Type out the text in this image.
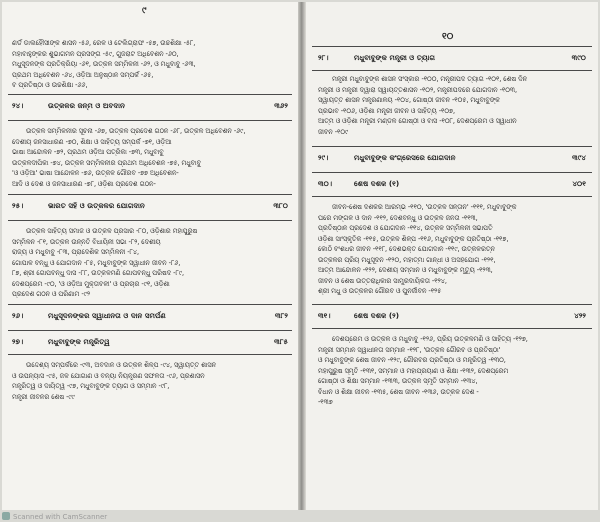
୯
ଣର୍ଡ ଡାଲହୌସୀଙ୍କ ଶାସନ -୫୬, ରେଳ ଓ ଟେଲିଗ୍ରାଫ -୫୭, ଉଚ୍ଚଶିକ୍ଷା -୫୮,
ମହାବାହୁଙ୍କର ଶୁଭାଗମନ ପ୍ରସଙ୍ଗ -୫୯, ଗୁଜରାଟ ଅଧିବେଶନ -୬୦,
ମଧୁସୂଦନଙ୍କ ପ୍ରତିକ୍ରିୟା -୬୧, ଉତ୍କଳ ସମ୍ମିଳନୀ -୬୨, ଓ ମଧୁବାବୁ -୬୩,
ପ୍ରଥମ ଅଧିବେଶନ -୬୪, ଓଡ଼ିଆ ଅନୁଷ୍ଠାନ ସମ୍ପର୍କ -୬୫,
ବ ପ୍ରତିଷ୍ଠା ଓ ଉଚ୍ଚଶିକ୍ଷା -୬୬,
୨୪।	ଉତ୍କଳର ଜନ୍ମ ଓ ଅବଦାନ	୩୬୨
ଉତ୍କଳ ସମ୍ମିଳନୀର ସୂଚନା -୬୭, ଉତ୍କଳ ପ୍ରଦେଶ ଗଠନ -୬୮, ଉତ୍କଳ ଅଧିବେଶନ -୬୯,
ଦେଶୀୟ ଜନସାଧାରଣ -୭୦, ଶିକ୍ଷା ଓ ସାହିତ୍ୟ ସମ୍ପର୍କ -୭୧, ଓଡ଼ିଆ
ଭାଷା ଆନ୍ଦୋଳନ -୭୨, ପ୍ରଥମ ଓଡ଼ିଆ ପତ୍ରିକା -୭୩, ମଧୁବାବୁ
ଉତ୍କଳଦୀପିକା -୭୪, ଉତ୍କଳ ସମ୍ମିଳନୀର ପ୍ରଥମ ଅଧିବେଶନ -୭୫, ମଧୁବାବୁ
'ଓ ଓଡ଼ିଆ' ଭାଷା ଆନ୍ଦୋଳନ -୭୬, ଉତ୍କଳ ଗୌରବ -୭୭ ଅଧିବେଶନ-
ଆଦି ଓ ଦେଶ ଓ ଜନସାଧାରଣ -୭୮, ଓଡ଼ିଶା ପ୍ରଦେଶ ଗଠନ-
୨୫।	ଭାରତ ସହି ଓ ଉତ୍କଳର ଯୋଗଦାନ	୩୮୦
ଉତ୍କଳ ସାହିତ୍ୟ ସମାଜ ଓ ଉତ୍କଳ ପ୍ରସାର -୮୦, ଓଡ଼ିଶାର ମହାପୁରୁଷ
ସମ୍ମିଳନ -୮୧, ଉତ୍କଳ ଉନ୍ନତି ବିଧାୟିନୀ ସଭା -୮୨, ଦେଶୀୟ
ରାଜ୍ୟ ଓ ମଧୁବାବୁ -୮୩, ପ୍ରାଦେଶିକ ସମ୍ମିଳନୀ -୮୪,
ଗୋପାଳ ବନ୍ଧୁ ଓ ଯୋଗଦାନ -୮୫, ମଧୁବାବୁଙ୍କ ସ୍ୱାଧୀନ ଜୀବନ -୮୬,
୮୭, ଶ୍ରୀ ଗୋପବନ୍ଧୁ ଦାସ -୮୮, ଉତ୍କଳମଣି ଗୋପବନ୍ଧୁ ପରିଷଦ -୮୯,
ଦେଶପ୍ରେମ -୯୦, 'ଓ ଓଡ଼ିଆ ମୁକ୍ତାବଳୀ' ଓ ପ୍ରଚାର -୯୧, ଓଡ଼ିଶା
ପ୍ରଦେଶ ଗଠନ ଓ ପରିଣାମ -୯୨
୨୬।	ମଧୁସୂଦନଙ୍କର ସ୍ୱାଧୀନତା ଓ ଦାନ ସମର୍ପଣ	୩୮୨
୨୭।	ମଧୁବାବୁଙ୍କ ମନ୍ତ୍ରିତ୍ୱ	୩୮୫
ଉଦ୍ଦେଶ୍ୟ ସମ୍ପର୍କରେ -୯୩, ଅବଦାନ ଓ ଉତ୍କଳ ଶିଳ୍ପ -୯୪, ସ୍ୱାୟତ୍ତ ଶାସନ
ଓ ଉପନ୍ୟାସ -୯୫, ଜଳ ଯୋଗାଣ ଓ ବନ୍ୟା ନିୟନ୍ତ୍ରଣ ସଫଳତା -୯୬, ପ୍ରଶାସନ
ମନ୍ତ୍ରିତ୍ୱ ଓ ଦାୟିତ୍ୱ -୯୭, ମଧୁବାବୁଙ୍କ ତ୍ୟାଗ ଓ ସମ୍ମାନ -୯୮,
ମନ୍ତ୍ରୀ ଜୀବନର ଶେଷ -୯୯
୧୦
୨୮।	ମଧୁବାବୁଙ୍କ ମନ୍ତ୍ରୀ ଓ ତ୍ୟାଗ	୩୯୦
ମନ୍ତ୍ରୀ ମଧୁବାବୁଙ୍କ ଶାସନ ସଂସ୍କାର -୧୦୦, ମନ୍ତ୍ରୀପଦ ତ୍ୟାଗ -୧୦୧, ଶେଷ ଦିନ
ମନ୍ତ୍ରୀ ଓ ମନ୍ତ୍ରୀ ଦ୍ୱାରା ସ୍ୱାୟତ୍ତଶାସନ -୧୦୨, ମନ୍ତ୍ରୀପଦରେ ଯୋଗଦାନ -୧୦୩,
ସ୍ୱାୟତ୍ତ ଶାସନ ମନ୍ତ୍ରଣାଳୟ -୧୦୪, ଗୋଷ୍ଠୀ ଜୀବନ -୧୦୫, ମଧୁବାବୁଙ୍କ
ପ୍ରଭାବ -୧୦୬, ଓଡ଼ିଶା ମନ୍ତ୍ରୀ ଜୀବନ ଓ ସାହିତ୍ୟ -୧୦୭,
ଆତ୍ମ ଓ ଓଡ଼ିଶା ମନ୍ତ୍ରୀ ମଣ୍ଡଳ ଗୋଷ୍ଠୀ ଓ ବାସ -୧୦୮, ଦେଶପ୍ରେମ ଓ ସ୍ୱାଧୀନ
ଜୀବନ -୧୦୯
୨୯।	ମଧୁବାବୁଙ୍କ କଂଗ୍ରେସରେ ଯୋଗଦାନ	୩୯୪
୩୦।	ଶେଷ ଦଶକ (୧)	୪୦୧
ଜୀବନ-ଶେଷ ଦଶକର ଆରମ୍ଭ -୧୧୦, 'ଉତ୍କଳ ସନ୍ତାନ' -୧୧୧, ମଧୁବାବୁଙ୍କ
ଘରେ ମଙ୍ଗଳ ଓ ଦାନ -୧୧୨, ଦେଶବନ୍ଧୁ ଓ ଉତ୍କଳ ଜନତା -୧୧୩,
ପ୍ରତିଷ୍ଠାନ ପ୍ରଦେଶ ଓ ଯୋଗଦାନ -୧୧୪, ଉତ୍କଳ ସମ୍ମିଳନୀ ସଭାପତି
ଓଡ଼ିଶା ସାଂସ୍କୃତିକ -୧୧୫, ଉତ୍କଳ ଶିଳ୍ପ -୧୧୬, ମଧୁବାବୁଙ୍କ ପ୍ରତିଷ୍ଠା -୧୧୭,
କୋଠି ବଂଶଧର ଜୀବନ -୧୧୮, ଦେଶଭକ୍ତ ଯୋଗଦାନ -୧୧୯, ଉତ୍କଳରତ୍ନ
ଉତ୍କଳର ପ୍ରିୟ ମଧୁସୂଦନ -୧୨୦, ମହାତ୍ମା ଗାନ୍ଧୀ ଓ ଅସହଯୋଗ -୧୨୧,
ଆତ୍ମ ଆନ୍ଦୋଳନ -୧୨୨, ଦେଶୀୟ ସମ୍ମାନ ଓ ମଧୁବାବୁଙ୍କ ମୃତ୍ୟୁ -୧୨୩,
ଜୀବନ ଓ ଶେଷ ଉତ୍ତରାଧିକାର ସାମ୍ପ୍ରଦାୟିକତା -୧୨୪,
ଶ୍ରୀ ମଧୁ ଓ ଉତ୍କଳର ଗୌରବ ଓ ପୁନର୍ଜୀବନ -୧୨୫
୩୧।	ଶେଷ ଦଶକ (୨)	୪୨୨
ଦେଶପ୍ରେମ ଓ ଉତ୍କଳ ଓ ମଧୁବାବୁ -୧୨୬, ପ୍ରିୟ ଉତ୍କଳମଣି ଓ ସାହିତ୍ୟ -୧୨୭,
ମନ୍ତ୍ରୀ ସମ୍ମାନ ସ୍ୱାଧୀନତା ସମ୍ମାନ -୧୨୮, 'ଉତ୍କଳ ଗୌରବ ଓ ପ୍ରତିଷ୍ଠା'
ଓ ମଧୁବାବୁଙ୍କ ଶେଷ ଜୀବନ -୧୨୯, ଗୌରବର ପ୍ରତିଷ୍ଠା ଓ ମନ୍ତ୍ରିତ୍ୱ -୧୩୦,
ମହାପୁରୁଷ ସ୍ମୃତି -୧୩୧, ସମ୍ମାନ ଓ ମହାପ୍ରୟାଣ ଓ ଶିକ୍ଷା -୧୩୨, ଦେଶପ୍ରେମ
ଗୋଷ୍ଠୀ ଓ ଶିକ୍ଷା ସମ୍ମାନ -୧୩୩, ଉତ୍କଳ ସ୍ମୃତି ସମ୍ମାନ -୧୩୪,
ବିଧାନ ଓ ଶିକ୍ଷା ଜୀବନ -୧୩୫, ଶେଷ ଜୀବନ -୧୩୬, ଉତ୍କଳ ଦେଶ -
-୧୩୭
Scanned with CamScanner
